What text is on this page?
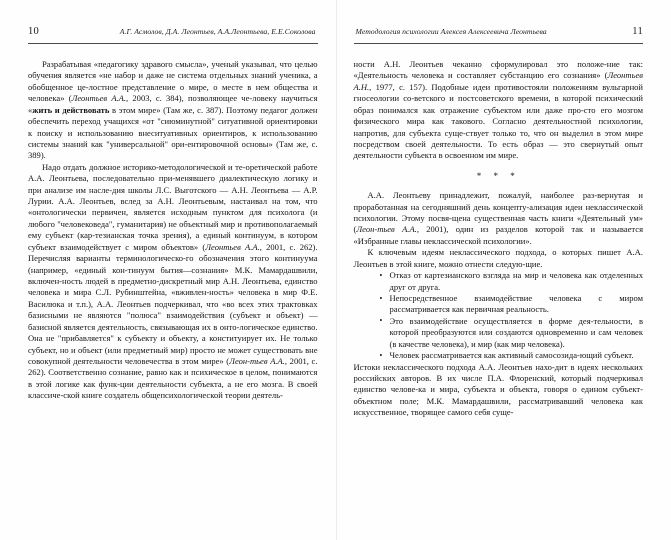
10	А.Г. Асмолов, Д.А. Леонтьев, А.А.Леонтьева, Е.Е.Соколова

Разрабатывая «педагогику здравого смысла», ученый указывал, что целью обучения является «не набор и даже не система отдельных знаний ученика, а обобщенное це-лостное представление о мире, о месте в нем общества и человека» (Леонтьев А.А., 2003, с. 384), позволяющее че-ловеку научиться «жить и действовать в этом мире» (Там же, с. 387). Поэтому педагог должен обеспечить переход учащихся «от "сиюминутной" ситуативной ориентировки к поиску и использованию внеситуативных ориентиров, к использованию системы знаний как "универсальной" ори-ентировочной основы» (Там же, с. 389).

Надо отдать должное историко-методологической и те-оретической работе А.А. Леонтьева, последовательно при-менявшего диалектическую логику и при анализе им насле-дия школы Л.С. Выготского — А.Н. Леонтьева — А.Р. Лурии. А.А. Леонтьев, вслед за А.Н. Леонтьевым, настаивал на том, что «онтологически первичен, является исходным пунктом для психолога (и любого "человековеда", гуманитария) не объектный мир и противополагаемый ему субъект (кар-тезианская точка зрения), а единый континуум, в котором субъект взаимодействует с миром объектов» (Леонтьев А.А., 2001, с. 262). Перечисляя варианты терминологическо-го обозначения этого континуума (например, «единый кон-тинуум бытия—сознания» М.К. Мамардашвили, включен-ность людей в предметно-дискретный мир А.Н. Леонтьева, единство человека и мира С.Л. Рубинштейна, «вживлен-ность» человека в мир Ф.Е. Василюка и т.п.), А.А. Леонтьев подчеркивал, что «во всех этих трактовках базисными не являются "полюса" взаимодействия (субъект и объект) — базисной является деятельность, связывающая их в онто-логическое единство. Она не "прибавляется" к субъекту и объекту, а конституирует их. Не только субъект, но и объект (или предметный мир) просто не может существовать вне совокупной деятельности человечества в этом мире» (Леон-тьев А.А., 2001, с. 262). Соответственно сознание, равно как и психическое в целом, понимаются в этой логике как функ-ции деятельности субъекта, а не его мозга. В своей классиче-ской книге создатель общепсихологической теории деятель-

Методология психологии Алексея Алексеевича Леонтьева	11

ности А.Н. Леонтьев чеканно сформулировал это положе-ние так: «Деятельность человека и составляет субстанцию его сознания» (Леонтьев А.Н., 1977, с. 157). Подобные идеи противостояли положениям вульгарной гносеологии со-ветского и постсоветского времени, в которой психический образ понимался как отражение субъектом или даже про-сто его мозгом физического мира как такового. Согласно деятельностной психологии, напротив, для субъекта суще-ствует только то, что он выделил в этом мире посредством своей деятельности. То есть образ — это свернутый опыт деятельности субъекта в освоенном им мире.

* * *

А.А. Леонтьеву принадлежит, пожалуй, наиболее раз-вернутая и проработанная на сегодняшний день концепту-ализация идеи неклассической психологии. Этому посвя-щена существенная часть книги «Деятельный ум» (Леон-тьев А.А., 2001), один из разделов которой так и называется «Избранные главы неклассической психологии».

К ключевым идеям неклассического подхода, о которых пишет А.А. Леонтьев в этой книге, можно отнести следую-щие.

• Отказ от картезианского взгляда на мир и человека как отделенных друг от друга.
• Непосредственное взаимодействие человека с миром рассматривается как первичная реальность.
• Это взаимодействие осуществляется в форме дея-тельности, в которой преобразуются или создаются одновременно и сам человек (в качестве человека), и мир (как мир человека).
• Человек рассматривается как активный самосозида-ющий субъект.

Истоки неклассического подхода А.А. Леонтьев нахо-дит в идеях нескольких российских авторов. В их числе П.А. Флоренский, который подчеркивал единство челове-ка и мира, субъекта и объекта, говоря о едином субъект-объектном поле; М.К. Мамардашвили, рассматривавший человека как искусственное, творящее самого себя суще-
